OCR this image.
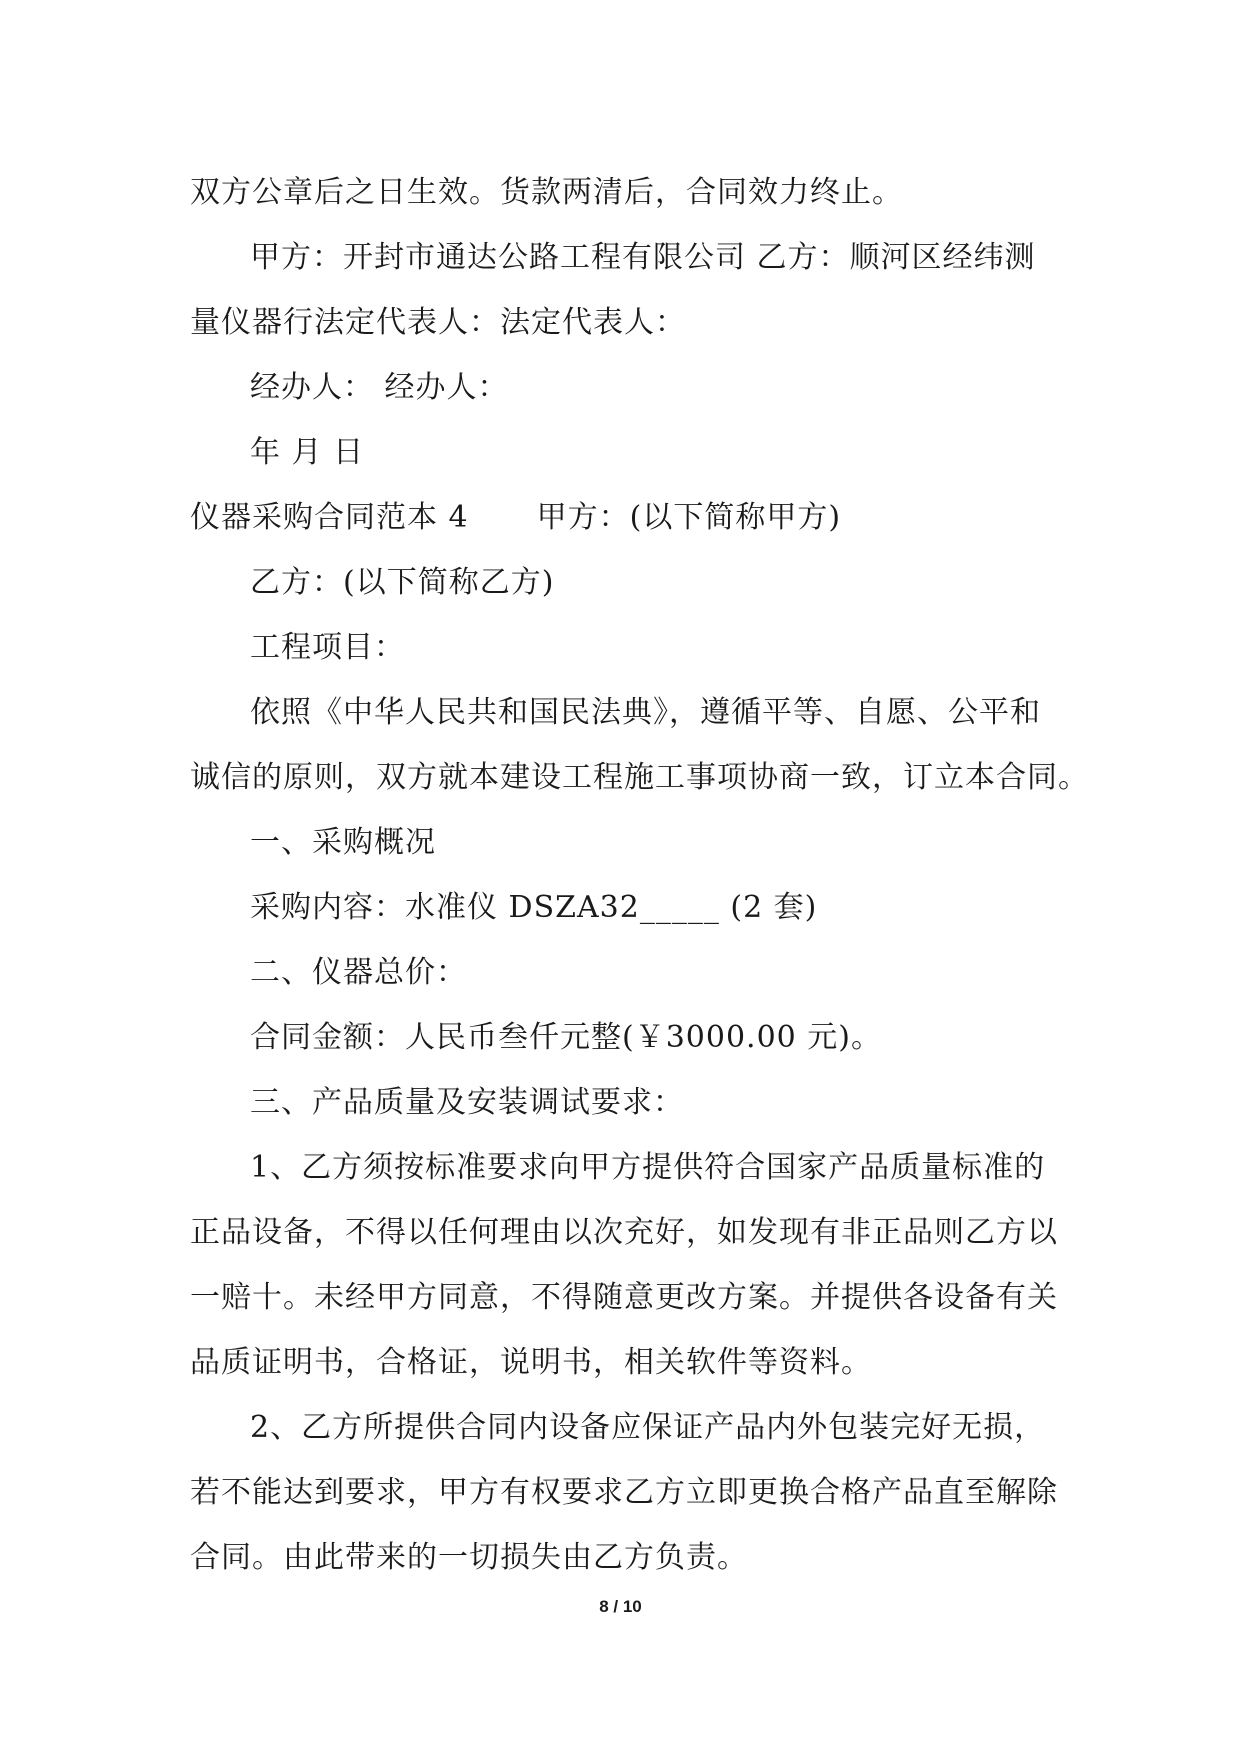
双方公章后之日生效。货款两清后，合同效力终止。
甲方：开封市通达公路工程有限公司 乙方：顺河区经纬测
量仪器行法定代表人：法定代表人：
经办人： 经办人：
年 月 日
仪器采购合同范本 4 甲方：(以下简称甲方)
乙方：(以下简称乙方)
工程项目：
依照《中华人民共和国民法典》，遵循平等、自愿、公平和
诚信的原则，双方就本建设工程施工事项协商一致，订立本合同。
一、采购概况
采购内容：水准仪 DSZA32_____ (2 套)
二、仪器总价：
合同金额：人民币叁仟元整(￥3000.00 元)。
三、产品质量及安装调试要求：
1、乙方须按标准要求向甲方提供符合国家产品质量标准的
正品设备，不得以任何理由以次充好，如发现有非正品则乙方以
一赔十。未经甲方同意，不得随意更改方案。并提供各设备有关
品质证明书，合格证，说明书，相关软件等资料。
2、乙方所提供合同内设备应保证产品内外包装完好无损，
若不能达到要求，甲方有权要求乙方立即更换合格产品直至解除
合同。由此带来的一切损失由乙方负责。
8 / 10
